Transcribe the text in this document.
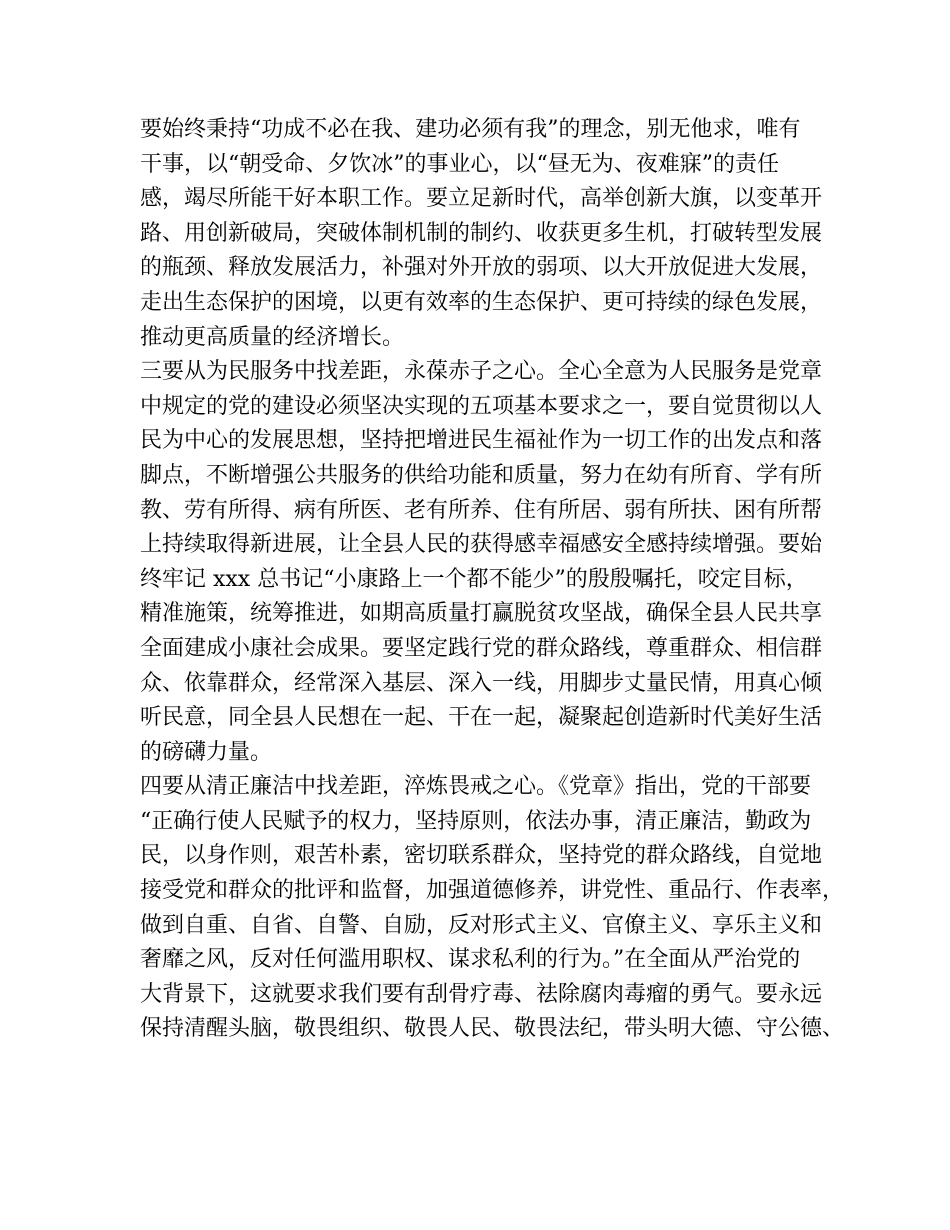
要始终秉持“功成不必在我、建功必须有我”的理念，别无他求，唯有
干事，以“朝受命、夕饮冰”的事业心，以“昼无为、夜难寐”的责任
感，竭尽所能干好本职工作。要立足新时代，高举创新大旗，以变革开
路、用创新破局，突破体制机制的制约、收获更多生机，打破转型发展
的瓶颈、释放发展活力，补强对外开放的弱项、以大开放促进大发展，
走出生态保护的困境，以更有效率的生态保护、更可持续的绿色发展，
推动更高质量的经济增长。
三要从为民服务中找差距，永葆赤子之心。全心全意为人民服务是党章
中规定的党的建设必须坚决实现的五项基本要求之一，要自觉贯彻以人
民为中心的发展思想，坚持把增进民生福祉作为一切工作的出发点和落
脚点，不断增强公共服务的供给功能和质量，努力在幼有所育、学有所
教、劳有所得、病有所医、老有所养、住有所居、弱有所扶、困有所帮
上持续取得新进展，让全县人民的获得感幸福感安全感持续增强。要始
终牢记 xxx 总书记“小康路上一个都不能少”的殷殷嘱托，咬定目标，
精准施策，统筹推进，如期高质量打赢脱贫攻坚战，确保全县人民共享
全面建成小康社会成果。要坚定践行党的群众路线，尊重群众、相信群
众、依靠群众，经常深入基层、深入一线，用脚步丈量民情，用真心倾
听民意，同全县人民想在一起、干在一起，凝聚起创造新时代美好生活
的磅礴力量。
四要从清正廉洁中找差距，淬炼畏戒之心。《党章》指出，党的干部要
“正确行使人民赋予的权力，坚持原则，依法办事，清正廉洁，勤政为
民，以身作则，艰苦朴素，密切联系群众，坚持党的群众路线，自觉地
接受党和群众的批评和监督，加强道德修养，讲党性、重品行、作表率，
做到自重、自省、自警、自励，反对形式主义、官僚主义、享乐主义和
奢靡之风，反对任何滥用职权、谋求私利的行为。”在全面从严治党的
大背景下，这就要求我们要有刮骨疗毒、祛除腐肉毒瘤的勇气。要永远
保持清醒头脑，敬畏组织、敬畏人民、敬畏法纪，带头明大德、守公德、
